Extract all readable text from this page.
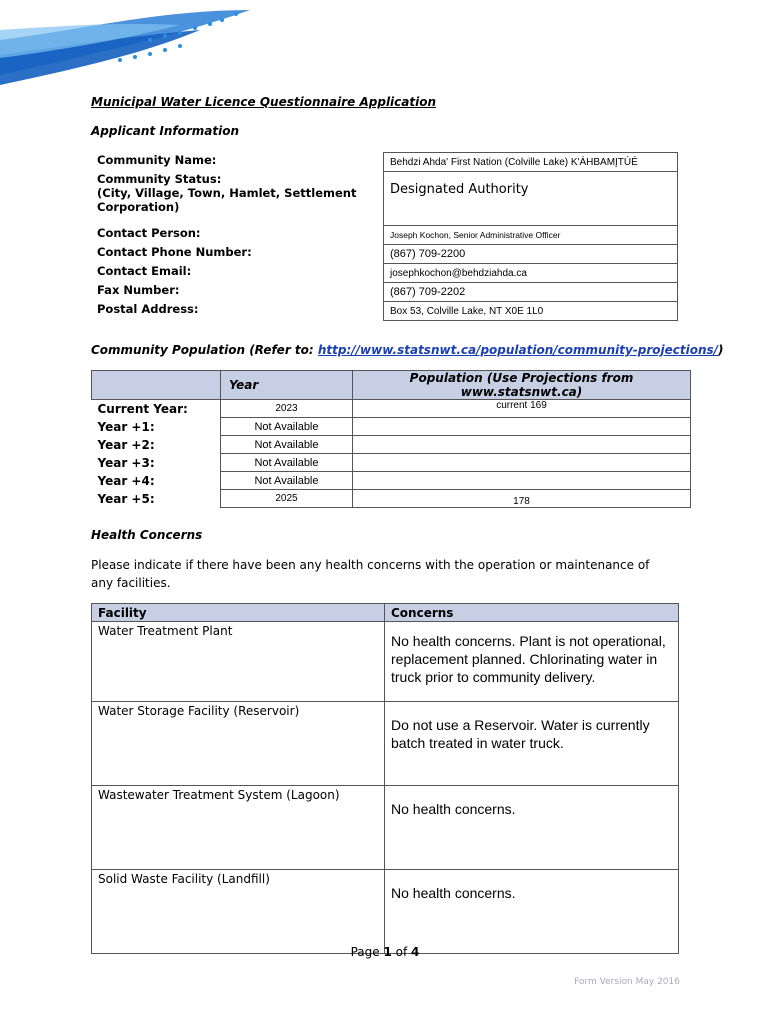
Municipal Water Licence Questionnaire Application
Applicant Information
Community Name:	Behdzi Ahda' First Nation (Colville Lake) K'ÁHBAMĮTÚÉ
Community Status:
(City, Village, Town, Hamlet, Settlement Corporation)	Designated Authority
Contact Person:	Joseph Kochon, Senior Administrative Officer
Contact Phone Number:	(867) 709-2200
Contact Email:	josephkochon@behdziahda.ca
Fax Number:	(867) 709-2202
Postal Address:	Box 53, Colville Lake, NT X0E 1L0
Community Population (Refer to: http://www.statsnwt.ca/population/community-projections/)
	Year	Population (Use Projections from www.statsnwt.ca)
Current Year:	2023	current 169
Year +1:	Not Available	
Year +2:	Not Available	
Year +3:	Not Available	
Year +4:	Not Available	
Year +5:	2025	178
Health Concerns
Please indicate if there have been any health concerns with the operation or maintenance of any facilities.
Facility	Concerns
Water Treatment Plant	No health concerns. Plant is not operational, replacement planned. Chlorinating water in truck prior to community delivery.
Water Storage Facility (Reservoir)	Do not use a Reservoir. Water is currently batch treated in water truck.
Wastewater Treatment System (Lagoon)	No health concerns.
Solid Waste Facility (Landfill)	No health concerns.
Page 1 of 4
Form Version May 2016
